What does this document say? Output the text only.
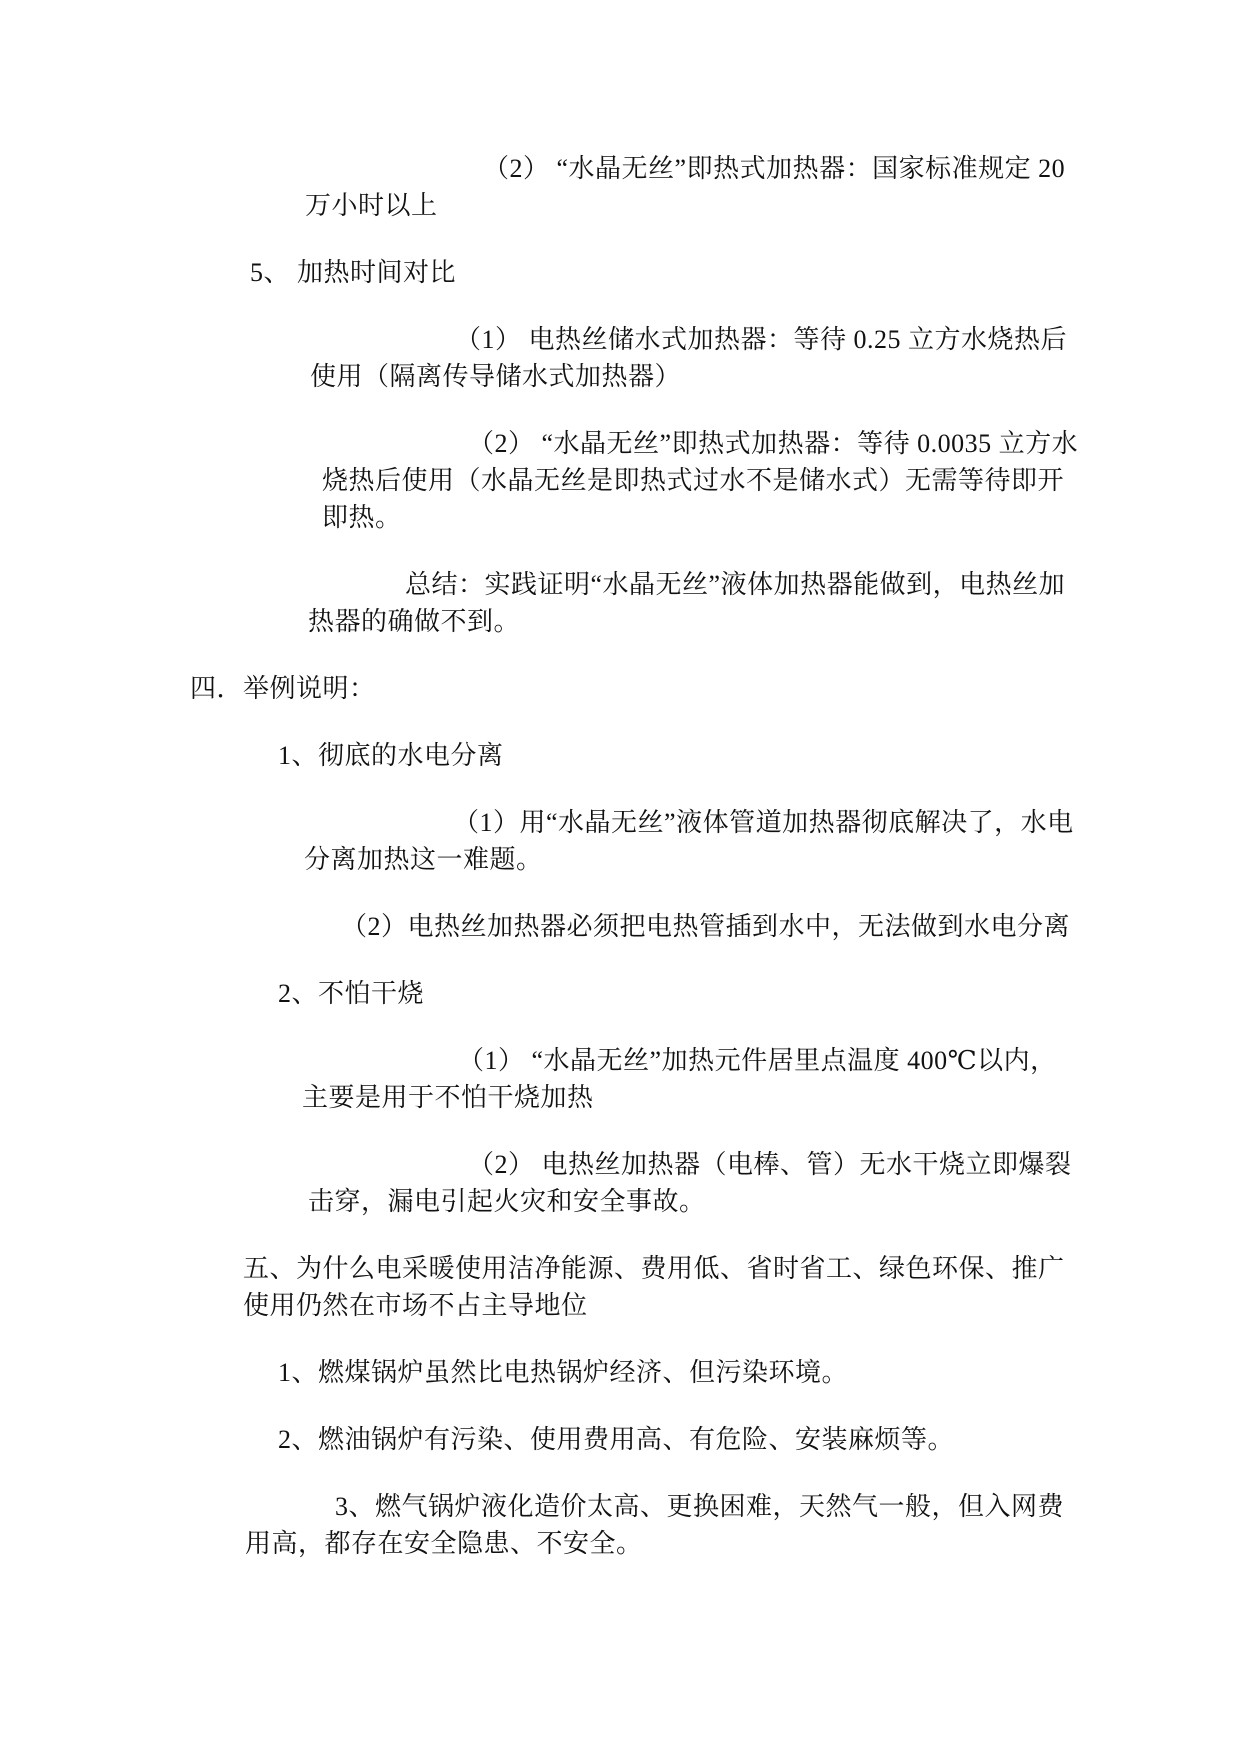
（2） “水晶无丝”即热式加热器：国家标准规定 20 万小时以上

5、 加热时间对比

（1） 电热丝储水式加热器：等待 0.25 立方水烧热后使用（隔离传导储水式加热器）

（2） “水晶无丝”即热式加热器：等待 0.0035 立方水烧热后使用（水晶无丝是即热式过水不是储水式）无需等待即开即热。

总结：实践证明“水晶无丝”液体加热器能做到，电热丝加热器的确做不到。

四．举例说明：

1、彻底的水电分离

（1）用“水晶无丝”液体管道加热器彻底解决了，水电分离加热这一难题。

（2）电热丝加热器必须把电热管插到水中，无法做到水电分离

2、不怕干烧

（1） “水晶无丝”加热元件居里点温度 400℃以内，主要是用于不怕干烧加热

（2） 电热丝加热器（电棒、管）无水干烧立即爆裂击穿，漏电引起火灾和安全事故。

五、为什么电采暖使用洁净能源、费用低、省时省工、绿色环保、推广使用仍然在市场不占主导地位

1、燃煤锅炉虽然比电热锅炉经济、但污染环境。

2、燃油锅炉有污染、使用费用高、有危险、安装麻烦等。

3、燃气锅炉液化造价太高、更换困难，天然气一般，但入网费用高，都存在安全隐患、不安全。
